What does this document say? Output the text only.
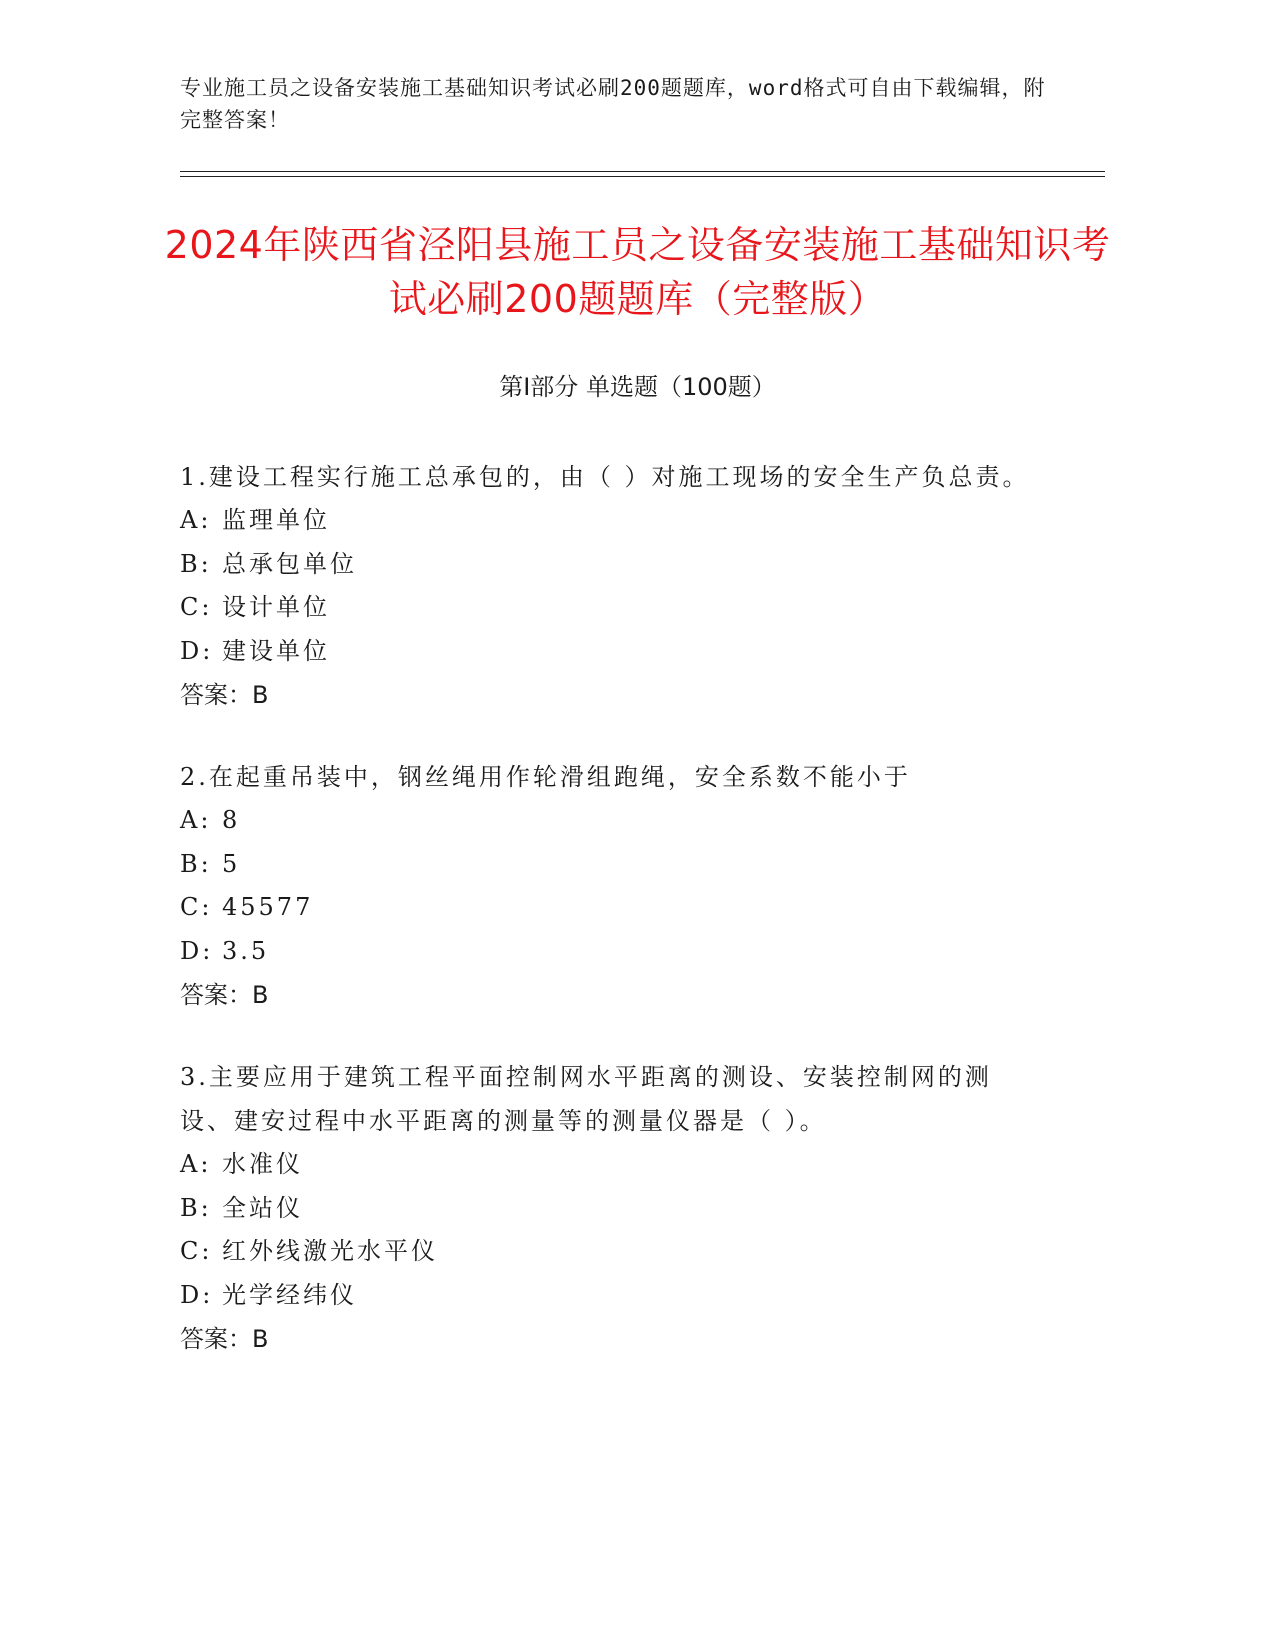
专业施工员之设备安装施工基础知识考试必刷200题题库，word格式可自由下载编辑，附完整答案！
2024年陕西省泾阳县施工员之设备安装施工基础知识考试必刷200题题库（完整版）
第I部分 单选题（100题）

1.建设工程实行施工总承包的，由（ ）对施工现场的安全生产负总责。

A: 监理单位

B: 总承包单位

C: 设计单位

D: 建设单位

答案：B

2.在起重吊装中，钢丝绳用作轮滑组跑绳，安全系数不能小于

A: 8

B: 5

C: 45577

D: 3.5

答案：B

3.主要应用于建筑工程平面控制网水平距离的测设、安装控制网的测设、建安过程中水平距离的测量等的测量仪器是（ ）。

A: 水准仪

B: 全站仪

C: 红外线激光水平仪

D: 光学经纬仪

答案：B
